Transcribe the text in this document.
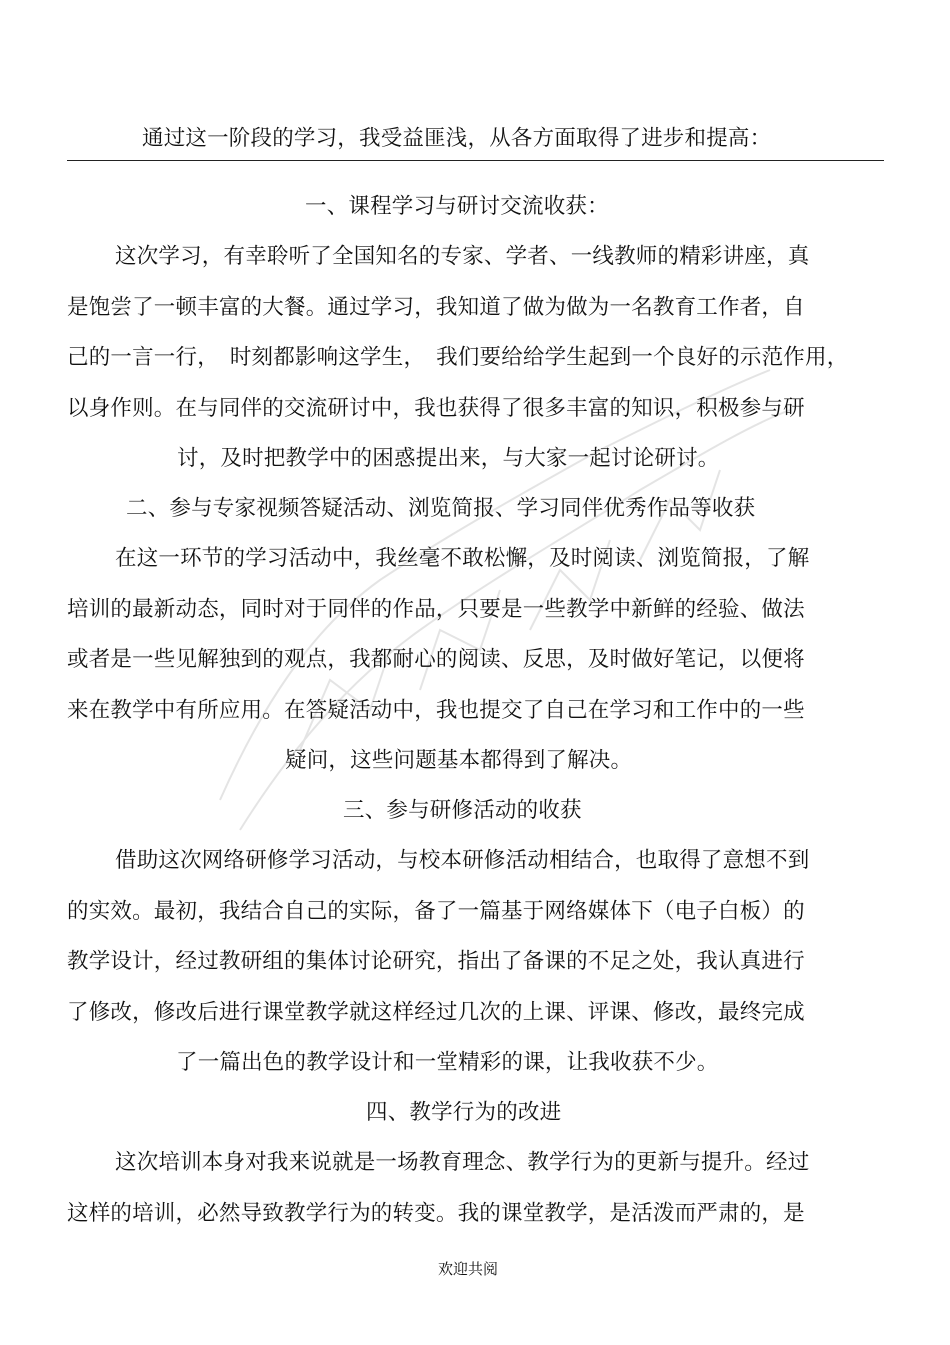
通过这一阶段的学习，我受益匪浅，从各方面取得了进步和提高：
一、课程学习与研讨交流收获：
这次学习，有幸聆听了全国知名的专家、学者、一线教师的精彩讲座，真
是饱尝了一顿丰富的大餐。通过学习，我知道了做为做为一名教育工作者，自
己的一言一行，　时刻都影响这学生，　我们要给给学生起到一个良好的示范作用，
以身作则。在与同伴的交流研讨中，我也获得了很多丰富的知识，积极参与研
讨，及时把教学中的困惑提出来，与大家一起讨论研讨。
二、参与专家视频答疑活动、浏览简报、学习同伴优秀作品等收获
在这一环节的学习活动中，我丝毫不敢松懈，及时阅读、浏览简报，了解
培训的最新动态，同时对于同伴的作品，只要是一些教学中新鲜的经验、做法
或者是一些见解独到的观点，我都耐心的阅读、反思，及时做好笔记，以便将
来在教学中有所应用。在答疑活动中，我也提交了自己在学习和工作中的一些
疑问，这些问题基本都得到了解决。
三、参与研修活动的收获
借助这次网络研修学习活动，与校本研修活动相结合，也取得了意想不到
的实效。最初，我结合自己的实际，备了一篇基于网络媒体下（电子白板）的
教学设计，经过教研组的集体讨论研究，指出了备课的不足之处，我认真进行
了修改，修改后进行课堂教学就这样经过几次的上课、评课、修改，最终完成
了一篇出色的教学设计和一堂精彩的课，让我收获不少。
四、教学行为的改进
这次培训本身对我来说就是一场教育理念、教学行为的更新与提升。经过
这样的培训，必然导致教学行为的转变。我的课堂教学，是活泼而严肃的，是
欢迎共阅
